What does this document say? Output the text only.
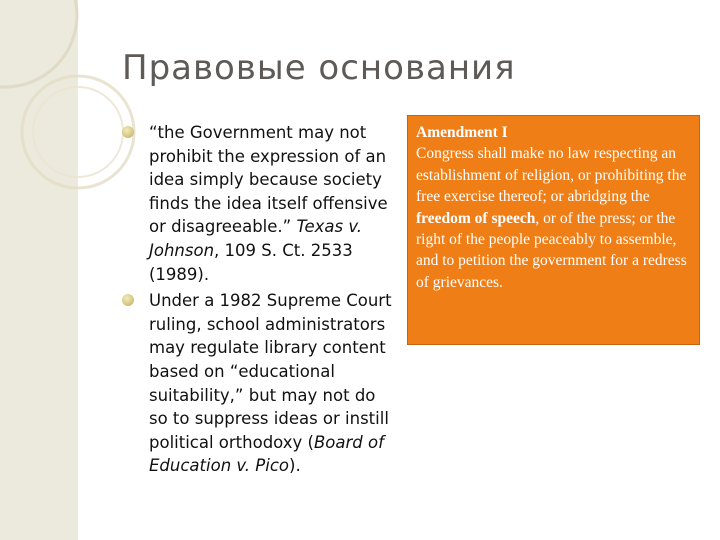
Правовые основания
“the Government may not prohibit the expression of an idea simply because society finds the idea itself offensive or disagreeable.” Texas v. Johnson, 109 S. Ct. 2533 (1989).
Under a 1982 Supreme Court ruling, school administrators may regulate library content based on “educational suitability,” but may not do so to suppress ideas or instill political orthodoxy (Board of Education v. Pico).
Amendment I
Congress shall make no law respecting an establishment of religion, or prohibiting the free exercise thereof; or abridging the freedom of speech, or of the press; or the right of the people peaceably to assemble, and to petition the government for a redress of grievances.
